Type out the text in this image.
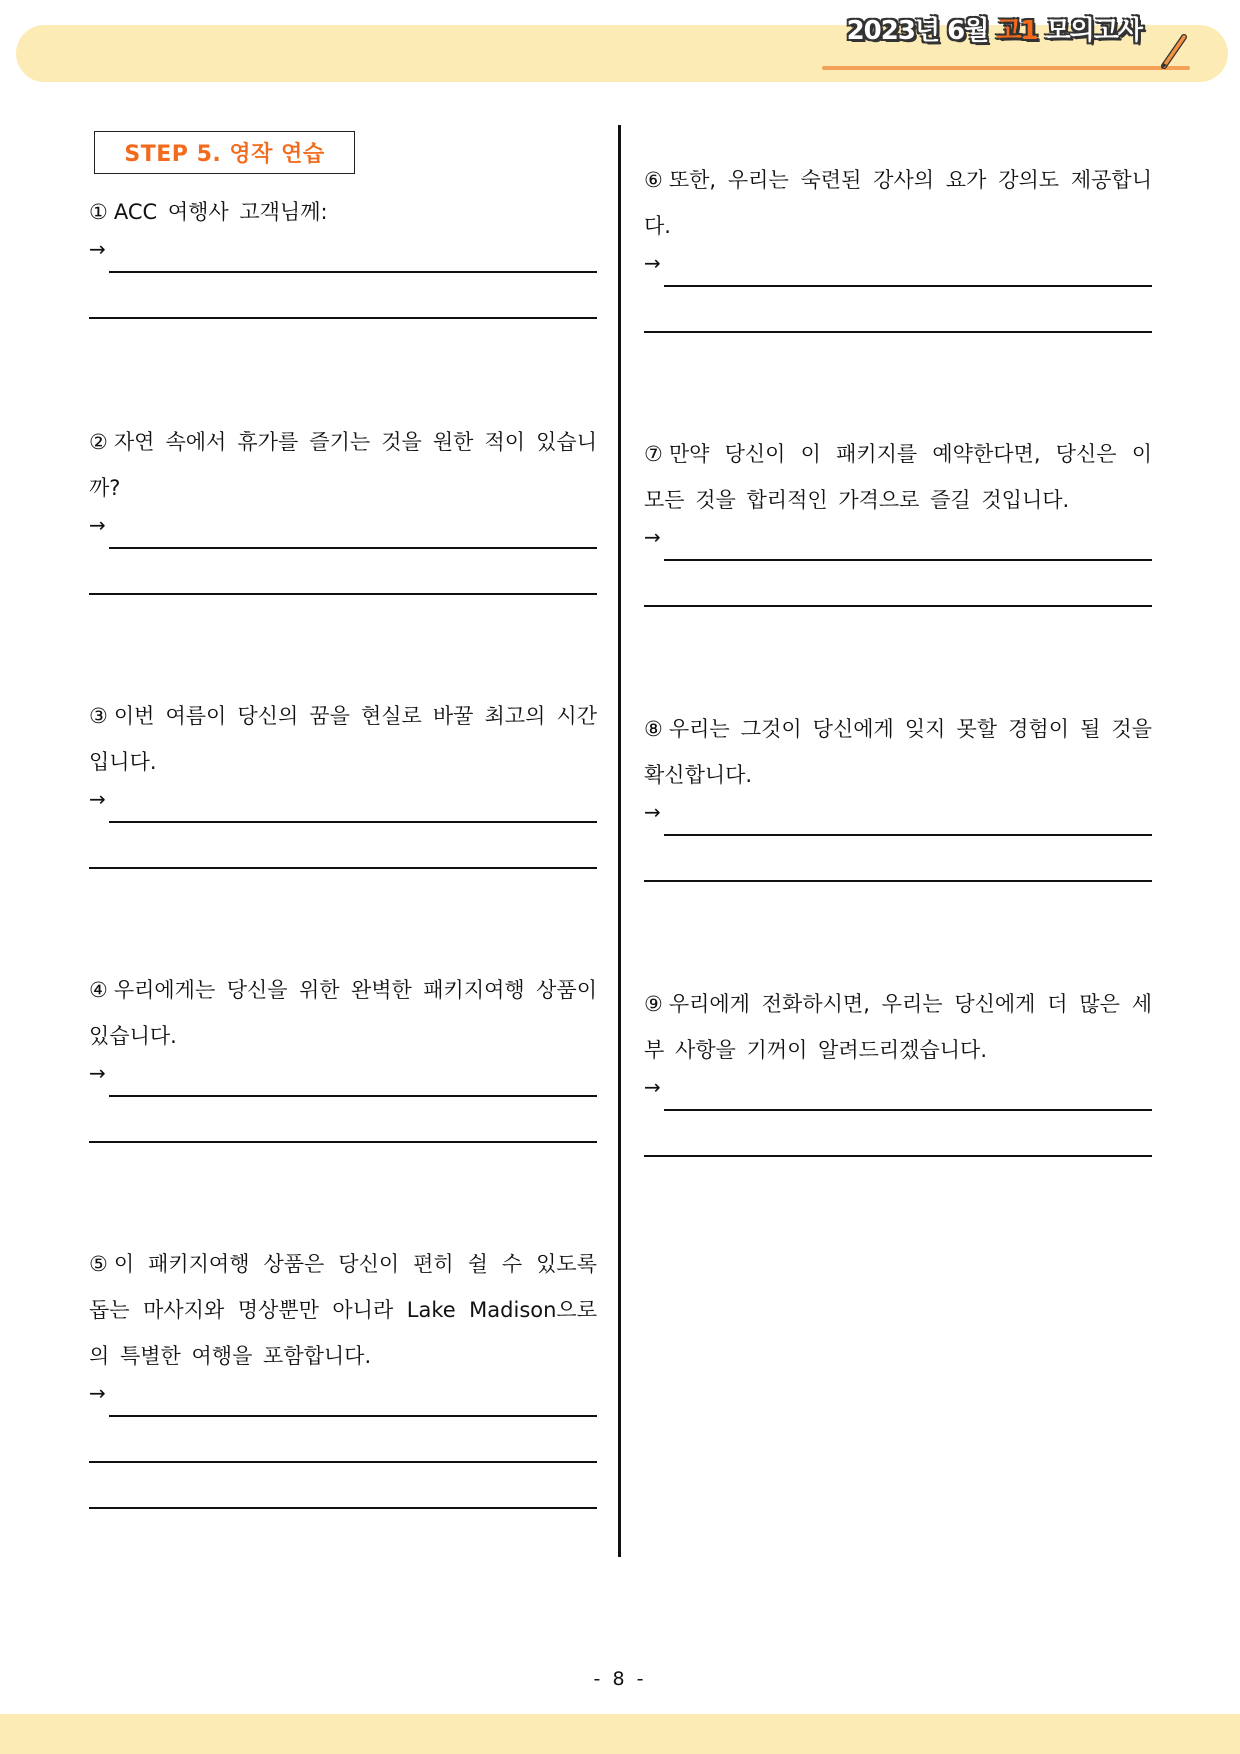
2023년 6월 고1 모의고사
STEP 5. 영작 연습
① ACC 여행사 고객님께:
→
② 자연 속에서 휴가를 즐기는 것을 원한 적이 있습니까?
→
③ 이번 여름이 당신의 꿈을 현실로 바꿀 최고의 시간입니다.
→
④ 우리에게는 당신을 위한 완벽한 패키지여행 상품이 있습니다.
→
⑤ 이 패키지여행 상품은 당신이 편히 쉴 수 있도록 돕는 마사지와 명상뿐만 아니라 Lake Madison으로의 특별한 여행을 포함합니다.
→
⑥ 또한, 우리는 숙련된 강사의 요가 강의도 제공합니다.
→
⑦ 만약 당신이 이 패키지를 예약한다면, 당신은 이 모든 것을 합리적인 가격으로 즐길 것입니다.
→
⑧ 우리는 그것이 당신에게 잊지 못할 경험이 될 것을 확신합니다.
→
⑨ 우리에게 전화하시면, 우리는 당신에게 더 많은 세부 사항을 기꺼이 알려드리겠습니다.
→
- 8 -
